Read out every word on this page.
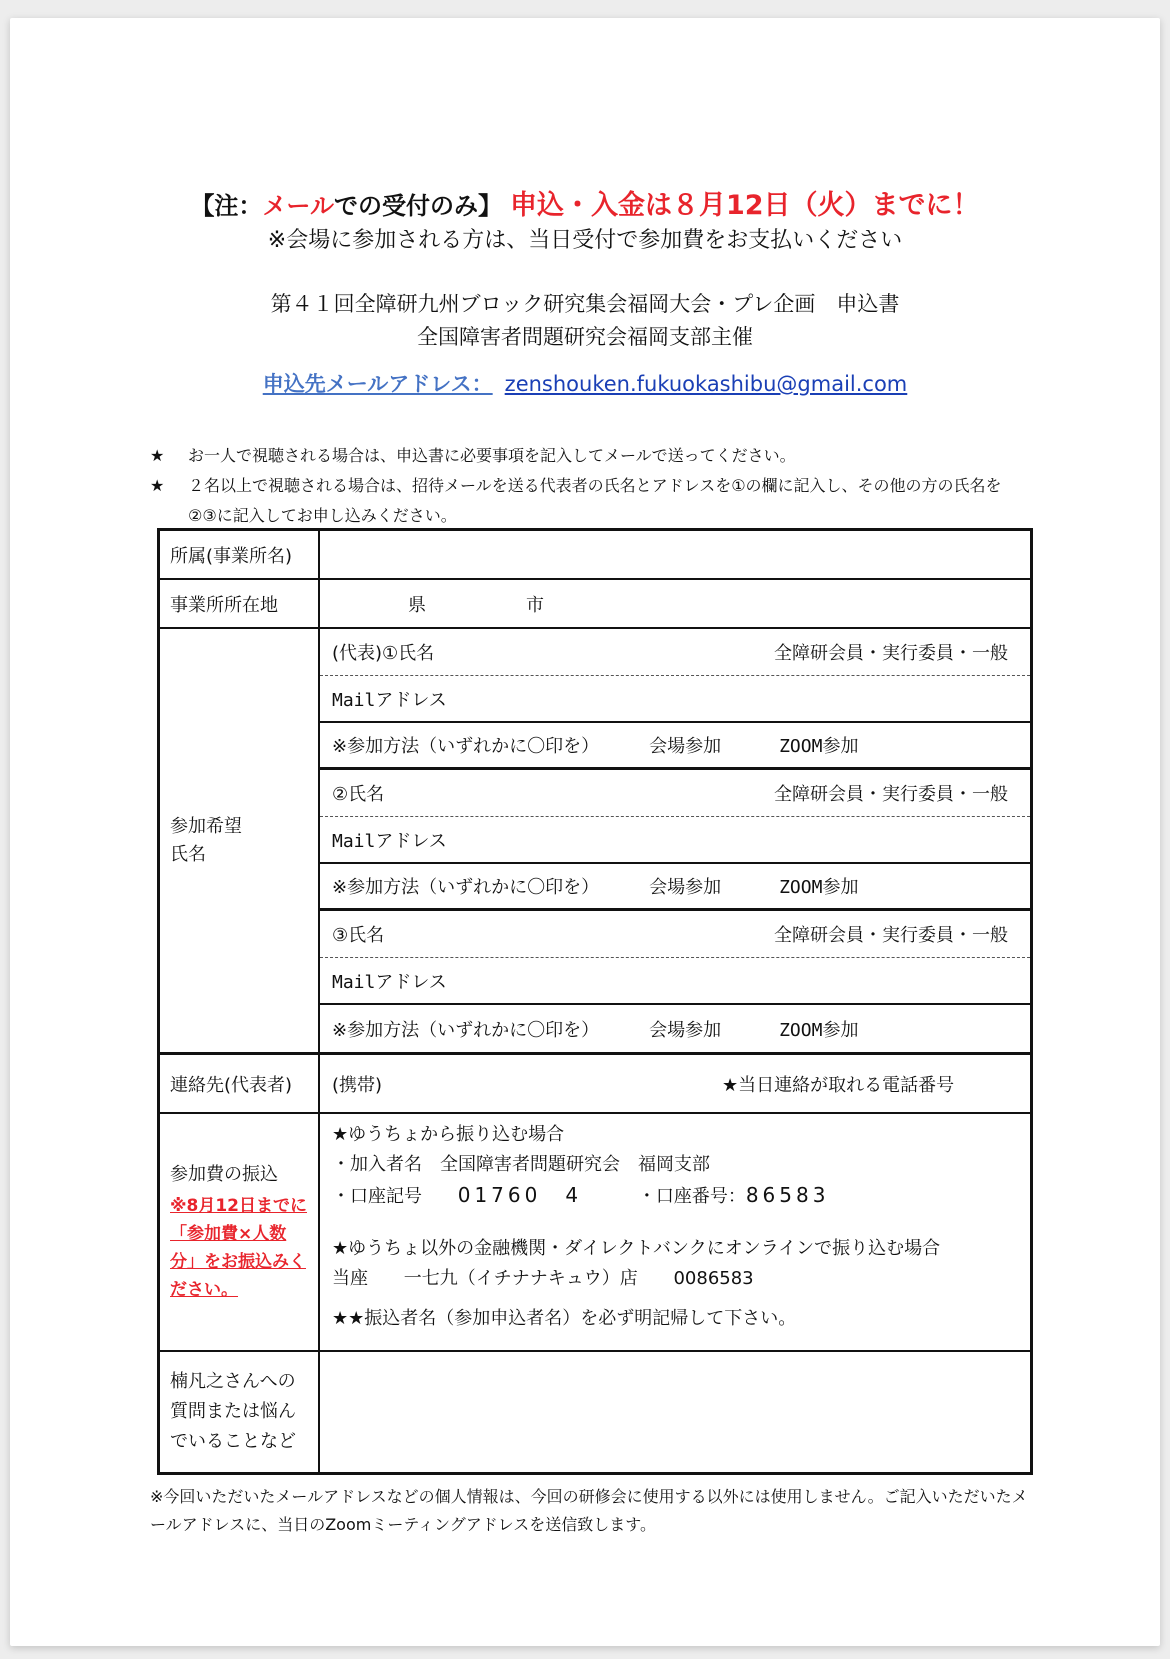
【注：メールでの受付のみ】 申込・入金は８月12日（火）までに！
※会場に参加される方は、当日受付で参加費をお支払いください
第４１回全障研九州ブロック研究集会福岡大会・プレ企画　申込書
全国障害者問題研究会福岡支部主催
申込先メールアドレス： zenshouken.fukuokashibu@gmail.com
★	お一人で視聴される場合は、申込書に必要事項を記入してメールで送ってください。
★	２名以上で視聴される場合は、招待メールを送る代表者の氏名とアドレスを①の欄に記入し、その他の方の氏名を②③に記入してお申し込みください。
所属(事業所名)
事業所所在地	県	市
参加希望
氏名
(代表)①氏名	全障研会員・実行委員・一般
Mailアドレス
※参加方法（いずれかに〇印を）	会場参加	ZOOM参加
②氏名	全障研会員・実行委員・一般
Mailアドレス
※参加方法（いずれかに〇印を）	会場参加	ZOOM参加
③氏名	全障研会員・実行委員・一般
Mailアドレス
※参加方法（いずれかに〇印を）	会場参加	ZOOM参加
連絡先(代表者)	(携帯)	★当日連絡が取れる電話番号
参加費の振込
※8月12日までに「参加費×人数分」をお振込みください。
★ゆうちょから振り込む場合
・加入者名　全国障害者問題研究会　福岡支部
・口座記号 01760　4	・口座番号：86583
★ゆうちょ以外の金融機関・ダイレクトバンクにオンラインで振り込む場合
当座 一七九（イチナナキュウ）店 0086583
★★振込者名（参加申込者名）を必ず明記帰して下さい。
楠凡之さんへの質問または悩んでいることなど
※今回いただいたメールアドレスなどの個人情報は、今回の研修会に使用する以外には使用しません。ご記入いただいたメールアドレスに、当日のZoomミーティングアドレスを送信致します。
